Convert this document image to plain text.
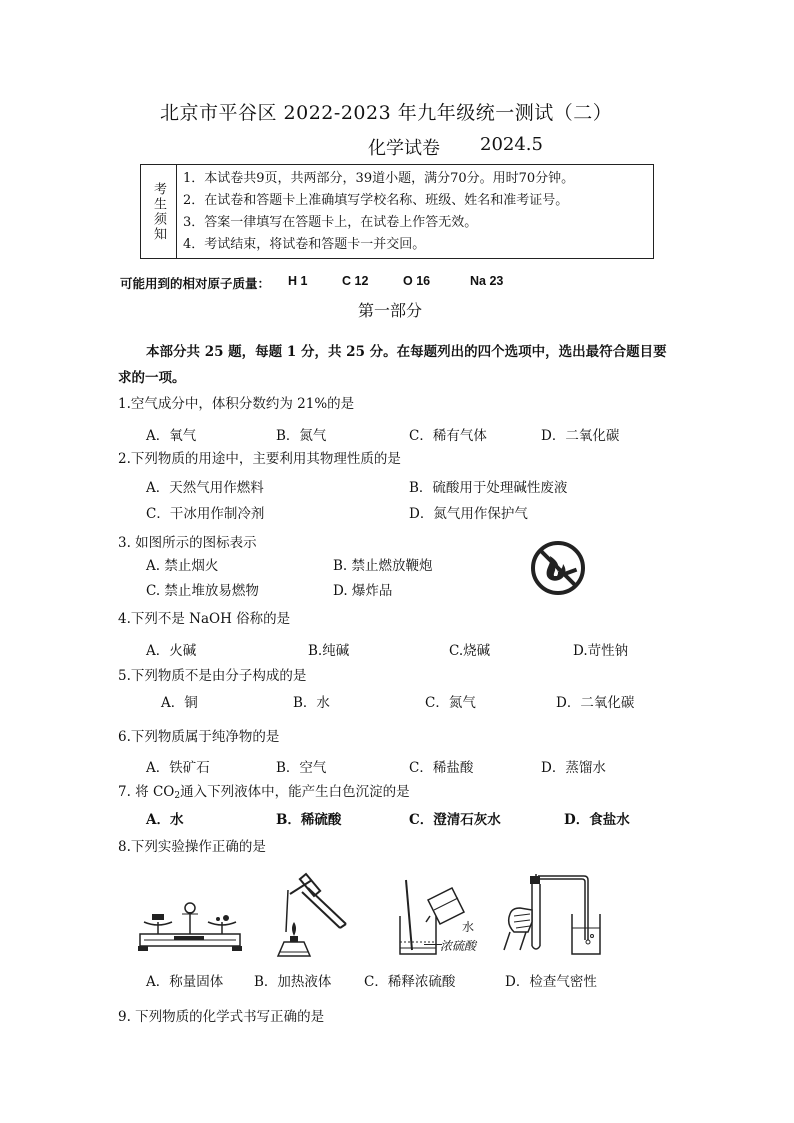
北京市平谷区 2022-2023 年九年级统一测试（二）
化学试卷 2024.5
考生须知
1．本试卷共9页，共两部分，39道小题，满分70分。用时70分钟。
2．在试卷和答题卡上准确填写学校名称、班级、姓名和准考证号。
3．答案一律填写在答题卡上，在试卷上作答无效。
4．考试结束，将试卷和答题卡一并交回。
可能用到的相对原子质量： H 1	C 12	O 16	Na 23
第一部分
本部分共 25 题，每题 1 分，共 25 分。在每题列出的四个选项中，选出最符合题目要
求的一项。
1.空气成分中，体积分数约为 21%的是
A．氧气	B．氮气	C．稀有气体	D．二氧化碳
2.下列物质的用途中，主要利用其物理性质的是
A．天然气用作燃料	B．硫酸用于处理碱性废液
C．干冰用作制冷剂	D．氮气用作保护气
3. 如图所示的图标表示
A. 禁止烟火	B. 禁止燃放鞭炮
C. 禁止堆放易燃物	D. 爆炸品
4.下列不是 NaOH 俗称的是
A．火碱	B.纯碱	C.烧碱	D.苛性钠
5.下列物质不是由分子构成的是
A．铜	B．水	C．氮气	D．二氧化碳
6.下列物质属于纯净物的是
A．铁矿石	B．空气	C．稀盐酸	D．蒸馏水
7. 将 $CO_2$通入下列液体中，能产生白色沉淀的是
A．水	B．稀硫酸	C．澄清石灰水	D．食盐水
8.下列实验操作正确的是
水
浓硫酸
A．称量固体 B．加热液体 C．稀释浓硫酸	D．检查气密性
9. 下列物质的化学式书写正确的是
